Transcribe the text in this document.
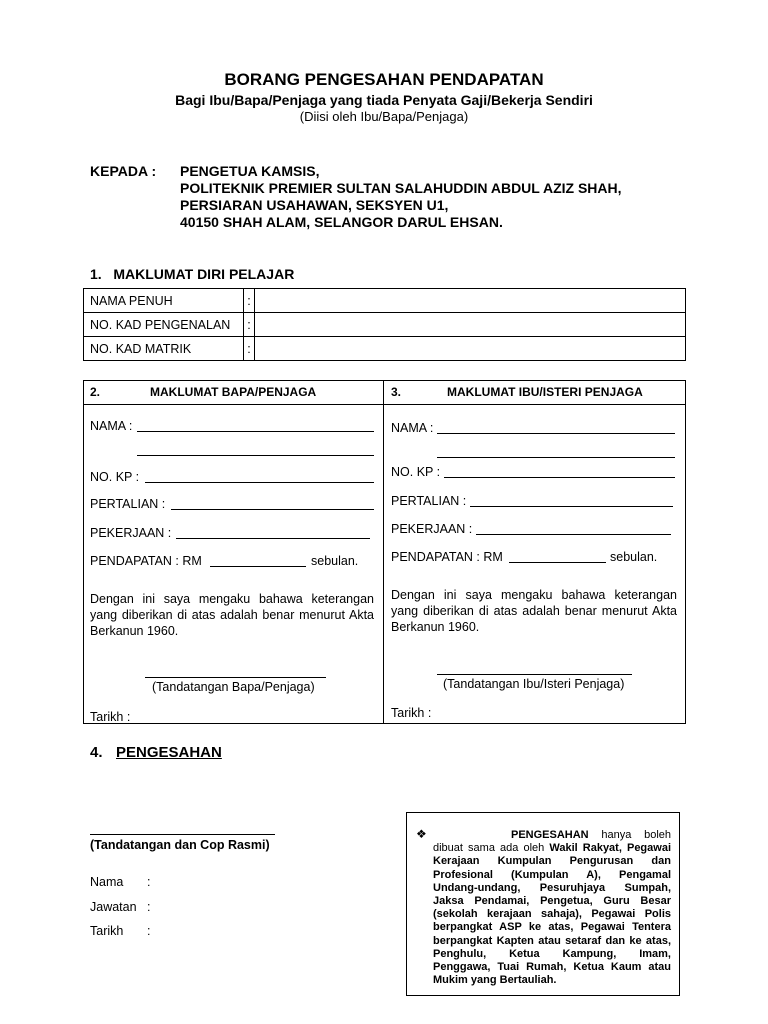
BORANG PENGESAHAN PENDAPATAN
Bagi Ibu/Bapa/Penjaga yang tiada Penyata Gaji/Bekerja Sendiri
(Diisi oleh Ibu/Bapa/Penjaga)
KEPADA : PENGETUA KAMSIS,
POLITEKNIK PREMIER SULTAN SALAHUDDIN ABDUL AZIZ SHAH,
PERSIARAN USAHAWAN, SEKSYEN U1,
40150 SHAH ALAM, SELANGOR DARUL EHSAN.
1.   MAKLUMAT DIRI PELAJAR
NAMA PENUH	:	
NO. KAD PENGENALAN	:	
NO. KAD MATRIK	:	
2.	MAKLUMAT BAPA/PENJAGA
NAMA :
NO. KP :
PERTALIAN :
PEKERJAAN :
PENDAPATAN : RM	sebulan.
Dengan ini saya mengaku bahawa keterangan yang diberikan di atas adalah benar menurut Akta Berkanun 1960.
(Tandatangan Bapa/Penjaga)
Tarikh :
3.	MAKLUMAT IBU/ISTERI PENJAGA
NAMA :
NO. KP :
PERTALIAN :
PEKERJAAN :
PENDAPATAN : RM	sebulan.
Dengan ini saya mengaku bahawa keterangan yang diberikan di atas adalah benar menurut Akta Berkanun 1960.
(Tandatangan Ibu/Isteri Penjaga)
Tarikh :
4. PENGESAHAN
(Tandatangan dan Cop Rasmi)
Nama :
Jawatan :
Tarikh :
❖	PENGESAHAN hanya boleh dibuat sama ada oleh Wakil Rakyat, Pegawai Kerajaan Kumpulan Pengurusan dan Profesional (Kumpulan A), Pengamal Undang-undang, Pesuruhjaya Sumpah, Jaksa Pendamai, Pengetua, Guru Besar (sekolah kerajaan sahaja), Pegawai Polis berpangkat ASP ke atas, Pegawai Tentera berpangkat Kapten atau setaraf dan ke atas, Penghulu, Ketua Kampung, Imam, Penggawa, Tuai Rumah, Ketua Kaum atau Mukim yang Bertauliah.
